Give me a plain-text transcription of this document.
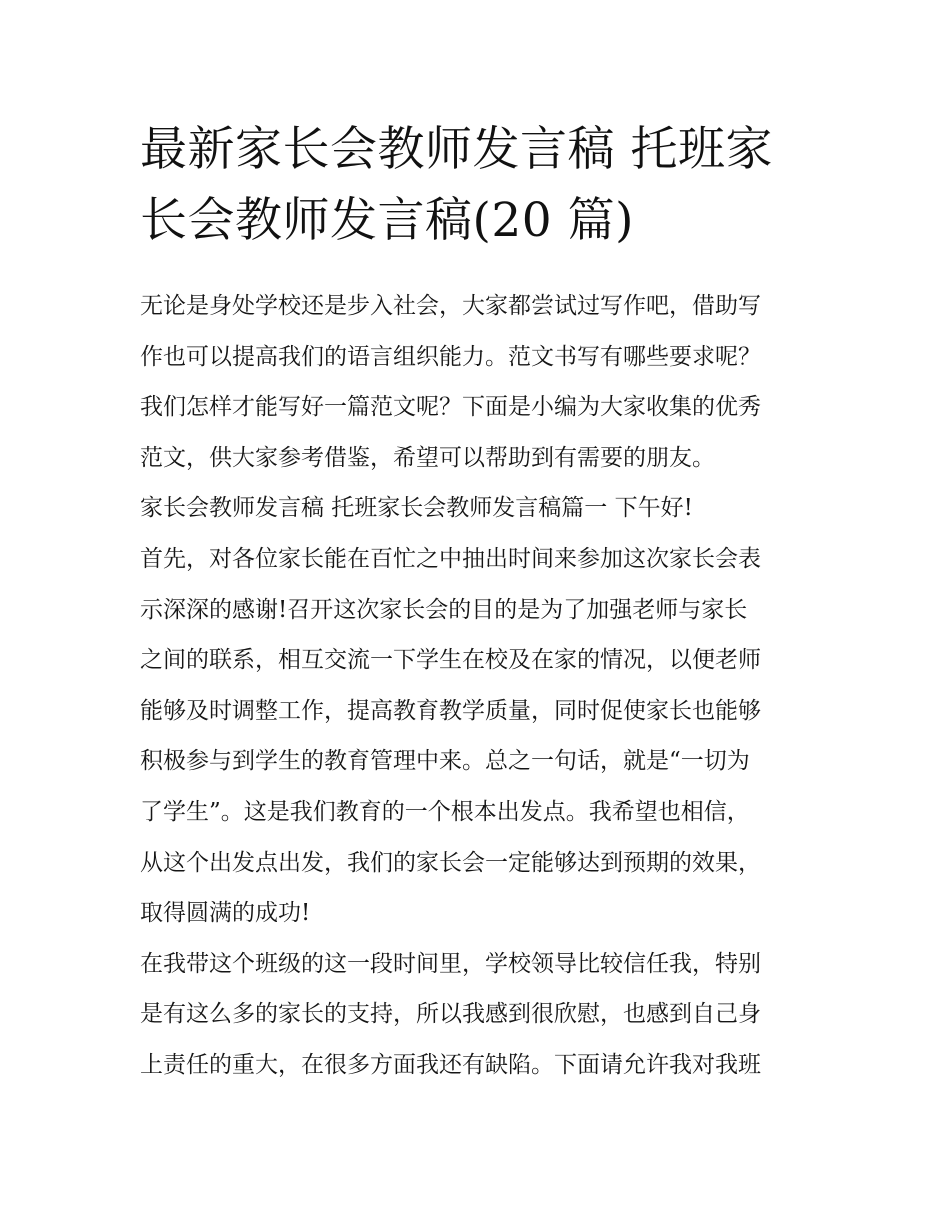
最新家长会教师发言稿 托班家
长会教师发言稿(20 篇)
无论是身处学校还是步入社会，大家都尝试过写作吧，借助写
作也可以提高我们的语言组织能力。范文书写有哪些要求呢？
我们怎样才能写好一篇范文呢？下面是小编为大家收集的优秀
范文，供大家参考借鉴，希望可以帮助到有需要的朋友。
家长会教师发言稿 托班家长会教师发言稿篇一 下午好!
首先，对各位家长能在百忙之中抽出时间来参加这次家长会表
示深深的感谢!召开这次家长会的目的是为了加强老师与家长
之间的联系，相互交流一下学生在校及在家的情况，以便老师
能够及时调整工作，提高教育教学质量，同时促使家长也能够
积极参与到学生的教育管理中来。总之一句话，就是“一切为
了学生”。这是我们教育的一个根本出发点。我希望也相信，
从这个出发点出发，我们的家长会一定能够达到预期的效果，
取得圆满的成功!
在我带这个班级的这一段时间里，学校领导比较信任我，特别
是有这么多的家长的支持，所以我感到很欣慰，也感到自己身
上责任的重大，在很多方面我还有缺陷。下面请允许我对我班
